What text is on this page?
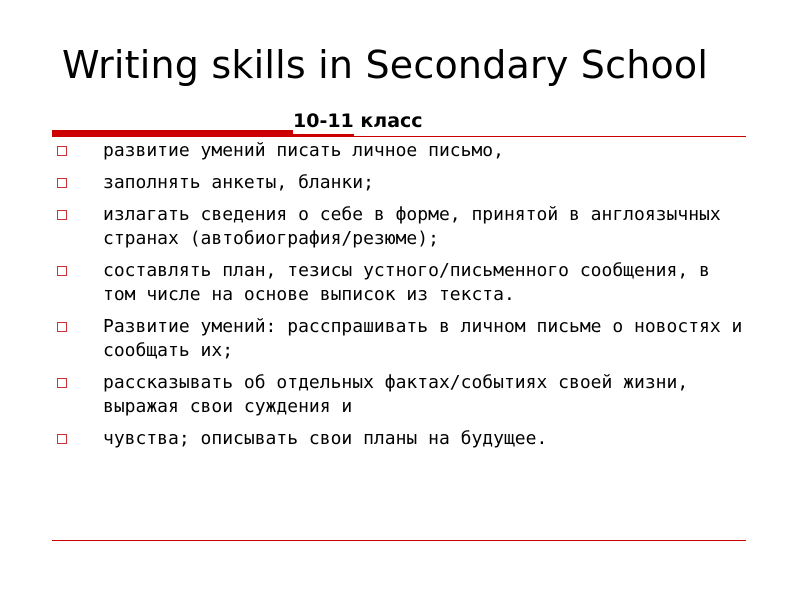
Writing skills in Secondary School
10-11 класс
развитие умений писать личное письмо,
заполнять анкеты, бланки;
излагать сведения о себе в форме, принятой в англоязычных странах (автобиография/резюме);
составлять план, тезисы устного/письменного сообщения, в том числе на основе выписок из текста.
Развитие умений: расспрашивать в личном письме о новостях и сообщать их;
рассказывать об отдельных фактах/событиях своей жизни, выражая свои суждения и
чувства; описывать свои планы на будущее.
